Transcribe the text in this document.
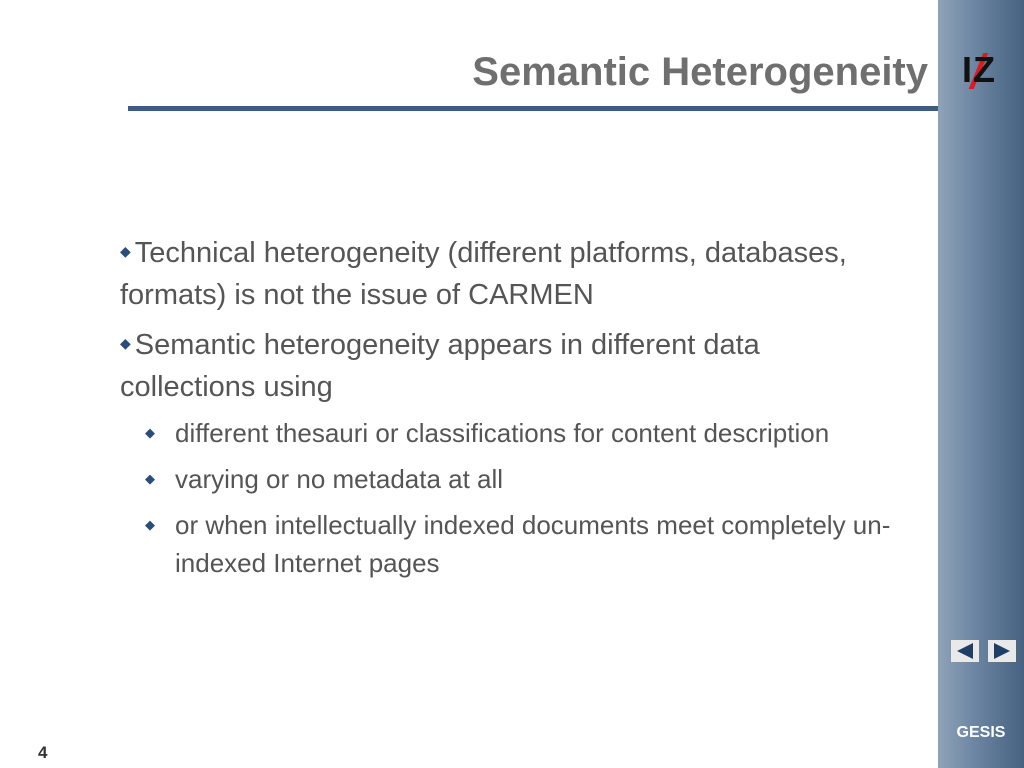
I Z
Semantic Heterogeneity

◆ Technical heterogeneity (different platforms, databases, formats) is not the issue of CARMEN

◆ Semantic heterogeneity appears in different data collections using

◆ different thesauri or classifications for content description

◆ varying or no metadata at all

◆ or when intellectually indexed documents meet completely un-indexed Internet pages

GESIS
4
